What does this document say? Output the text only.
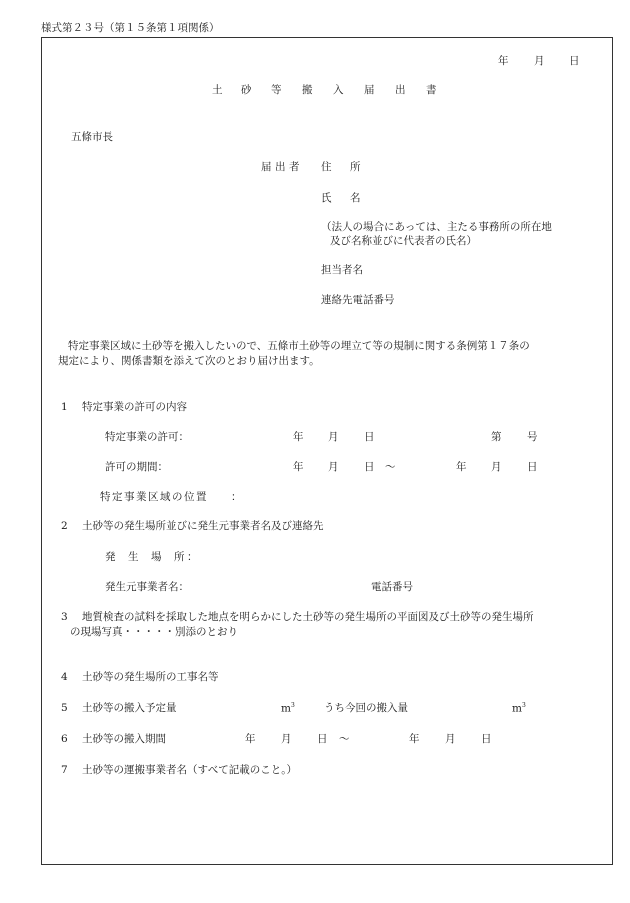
様式第２３号（第１５条第１項関係）
年 月 日
土 砂 等 搬 入 届 出 書
五條市長
届 出 者 住 所
氏 名
（法人の場合にあっては、主たる事務所の所在地
及び名称並びに代表者の氏名）
担当者名
連絡先電話番号
特定事業区域に土砂等を搬入したいので、五條市土砂等の埋立て等の規制に関する条例第１７条の
規定により、関係書類を添えて次のとおり届け出ます。
1 特定事業の許可の内容
特定事業の許可：	年 月 日	第 号
許可の期間：	年 月 日 ～	年 月 日
特 定 事 業 区 域 の 位 置 ：
2 土砂等の発生場所並びに発生元事業者名及び連絡先
発 生 場 所 ：
発生元事業者名：	電話番号
3 地質検査の試料を採取した地点を明らかにした土砂等の発生場所の平面図及び土砂等の発生場所
の現場写真・・・・・別添のとおり
4 土砂等の発生場所の工事名等
5 土砂等の搬入予定量	$m^3$	うち今回の搬入量	$m^3$
6 土砂等の搬入期間	年 月 日 ～	年 月 日
7 土砂等の運搬事業者名（すべて記載のこと。）
